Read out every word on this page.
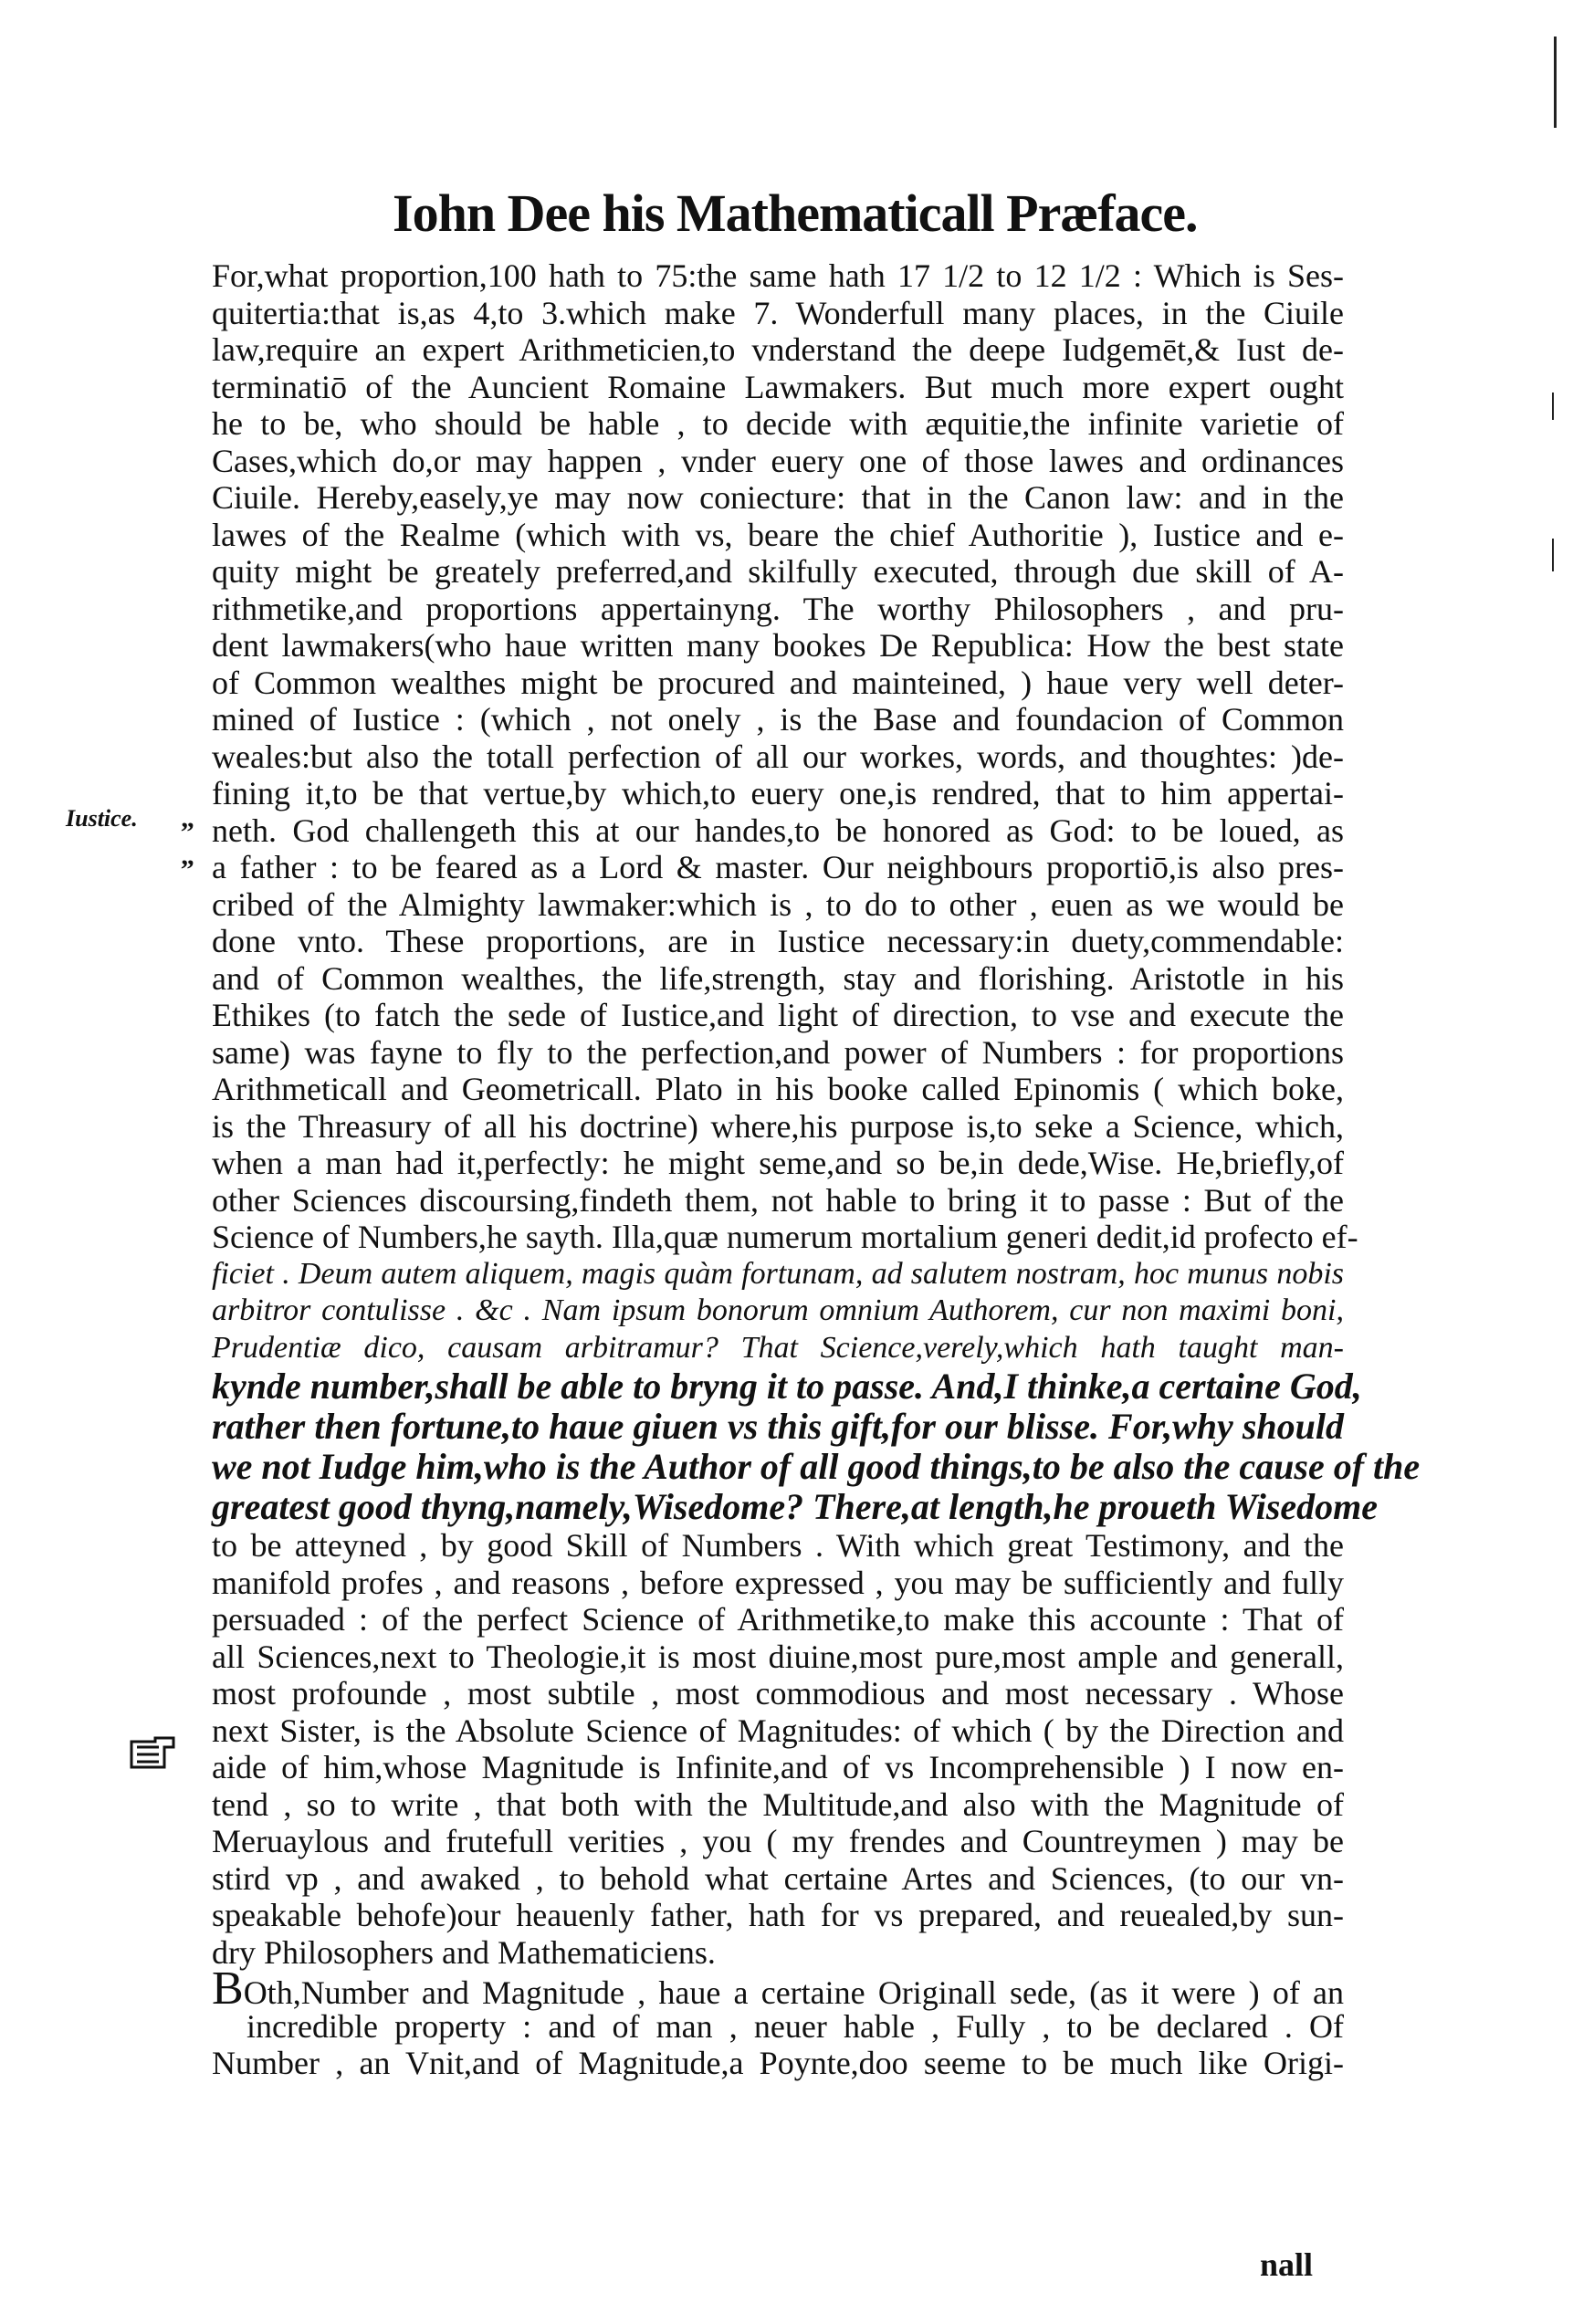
Iohn Dee his Mathematicall Præface.
Iustice. „
„
For,what proportion,100 hath to 75:the same hath 17 1/2 to 12 1/2 : Which is Ses-
quitertia:that is,as 4,to 3.which make 7. Wonderfull many places, in the Ciuile
law,require an expert Arithmeticien,to vnderstand the deepe Iudgemēt,& Iust de-
terminatiō of the Auncient Romaine Lawmakers. But much more expert ought
he to be, who should be hable , to decide with æquitie,the infinite varietie of
Cases,which do,or may happen , vnder euery one of those lawes and ordinances
Ciuile. Hereby,easely,ye may now coniecture: that in the Canon law: and in the
lawes of the Realme (which with vs, beare the chief Authoritie ), Iustice and e-
quity might be greately preferred,and skilfully executed, through due skill of A-
rithmetike,and proportions appertainyng. The worthy Philosophers , and pru-
dent lawmakers(who haue written many bookes De Republica: How the best state
of Common wealthes might be procured and mainteined, ) haue very well deter-
mined of Iustice : (which , not onely , is the Base and foundacion of Common
weales:but also the totall perfection of all our workes, words, and thoughtes: )de-
fining it,to be that vertue,by which,to euery one,is rendred, that to him appertai-
neth. God challengeth this at our handes,to be honored as God: to be loued, as
a father : to be feared as a Lord & master. Our neighbours proportiō,is also pres-
cribed of the Almighty lawmaker:which is , to do to other , euen as we would be
done vnto. These proportions, are in Iustice necessary:in duety,commendable:
and of Common wealthes, the life,strength, stay and florishing. Aristotle in his
Ethikes (to fatch the sede of Iustice,and light of direction, to vse and execute the
same) was fayne to fly to the perfection,and power of Numbers : for proportions
Arithmeticall and Geometricall. Plato in his booke called Epinomis ( which boke,
is the Threasury of all his doctrine) where,his purpose is,to seke a Science, which,
when a man had it,perfectly: he might seme,and so be,in dede,Wise. He,briefly,of
other Sciences discoursing,findeth them, not hable to bring it to passe : But of the
Science of Numbers,he sayth. Illa,quæ numerum mortalium generi dedit,id profecto ef-
ficiet . Deum autem aliquem, magis quàm fortunam, ad salutem nostram, hoc munus nobis
arbitror contulisse . &c . Nam ipsum bonorum omnium Authorem, cur non maximi boni,
Prudentiæ dico, causam arbitramur? That Science,verely,which hath taught man-
kynde number,shall be able to bryng it to passe. And,I thinke,a certaine God,
rather then fortune,to haue giuen vs this gift,for our blisse. For,why should
we not Iudge him,who is the Author of all good things,to be also the cause of the
greatest good thyng,namely,Wisedome? There,at length,he proueth Wisedome
to be atteyned , by good Skill of Numbers . With which great Testimony, and the
manifold profes , and reasons , before expressed , you may be sufficiently and fully
persuaded : of the perfect Science of Arithmetike,to make this accounte : That of
all Sciences,next to Theologie,it is most diuine,most pure,most ample and generall,
most profounde , most subtile , most commodious and most necessary . Whose
next Sister, is the Absolute Science of Magnitudes: of which ( by the Direction and
aide of him,whose Magnitude is Infinite,and of vs Incomprehensible ) I now en-
tend , so to write , that both with the Multitude,and also with the Magnitude of
Meruaylous and frutefull verities , you ( my frendes and Countreymen ) may be
stird vp , and awaked , to behold what certaine Artes and Sciences, (to our vn-
speakable behofe)our heauenly father, hath for vs prepared, and reuealed,by sun-
dry Philosophers and Mathematiciens.
BOth,Number and Magnitude , haue a certaine Originall sede, (as it were ) of an
incredible property : and of man , neuer hable , Fully , to be declared . Of
Number , an Vnit,and of Magnitude,a Poynte,doo seeme to be much like Origi-
nall
